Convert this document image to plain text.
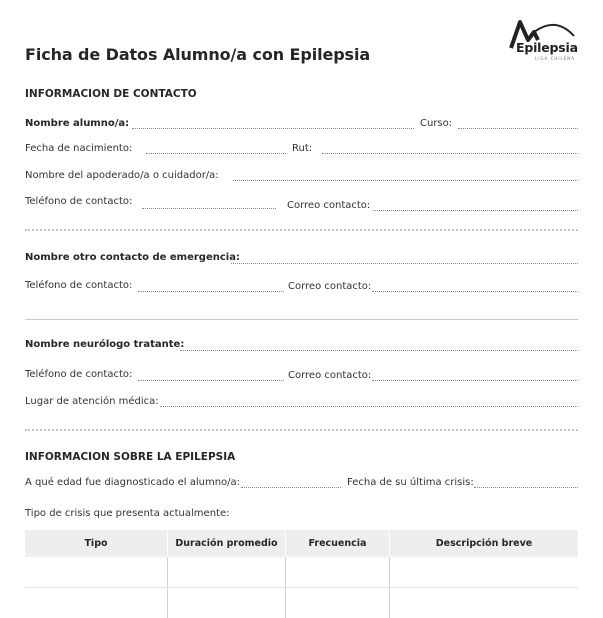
Ficha de Datos Alumno/a con Epilepsia	Epilepsia
LIGA CHILENA
INFORMACION DE CONTACTO
Nombre alumno/a:	Curso:
Fecha de nacimiento:	Rut:
Nombre del apoderado/a o cuidador/a:
Teléfono de contacto:	Correo contacto:
Nombre otro contacto de emergencia:
Teléfono de contacto:	Correo contacto:
Nombre neurólogo tratante:
Teléfono de contacto:	Correo contacto:
Lugar de atención médica:
INFORMACION SOBRE LA EPILEPSIA
A qué edad fue diagnosticado el alumno/a:	Fecha de su última crisis:
Tipo de crisis que presenta actualmente:
Tipo	Duración promedio	Frecuencia	Descripción breve
